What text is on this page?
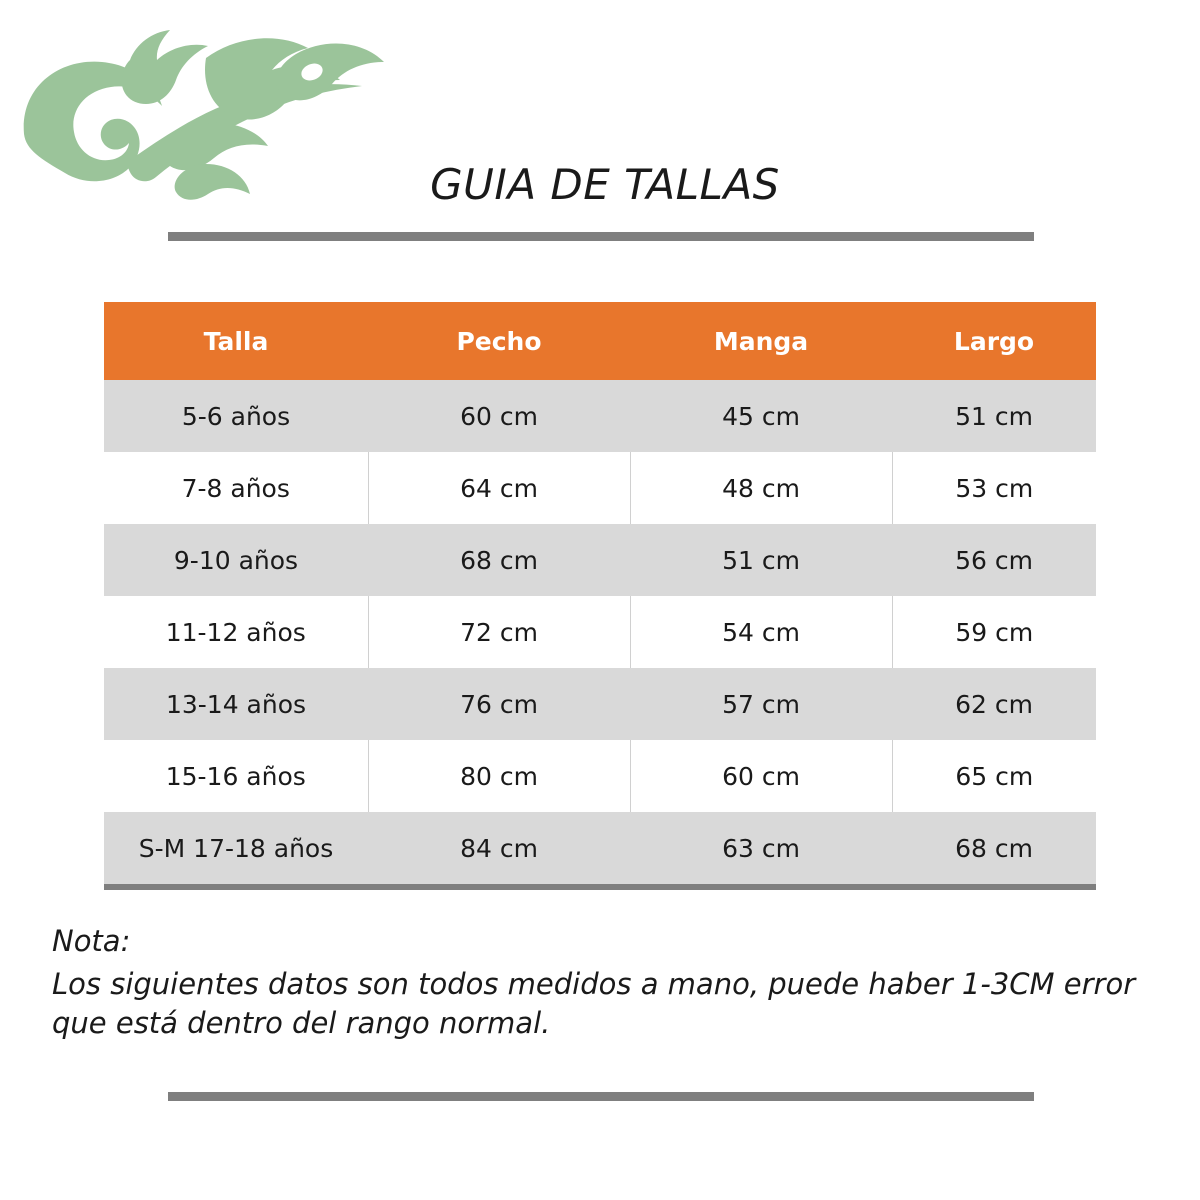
GUIA DE TALLAS
Talla	Pecho	Manga	Largo
5-6 años	60 cm	45 cm	51 cm
7-8 años	64 cm	48 cm	53 cm
9-10 años	68 cm	51 cm	56 cm
11-12 años	72 cm	54 cm	59 cm
13-14 años	76 cm	57 cm	62 cm
15-16 años	80 cm	60 cm	65 cm
S-M 17-18 años	84 cm	63 cm	68 cm
Nota:

Los siguientes datos son todos medidos a mano, puede haber 1-3CM error que está dentro del rango normal.
